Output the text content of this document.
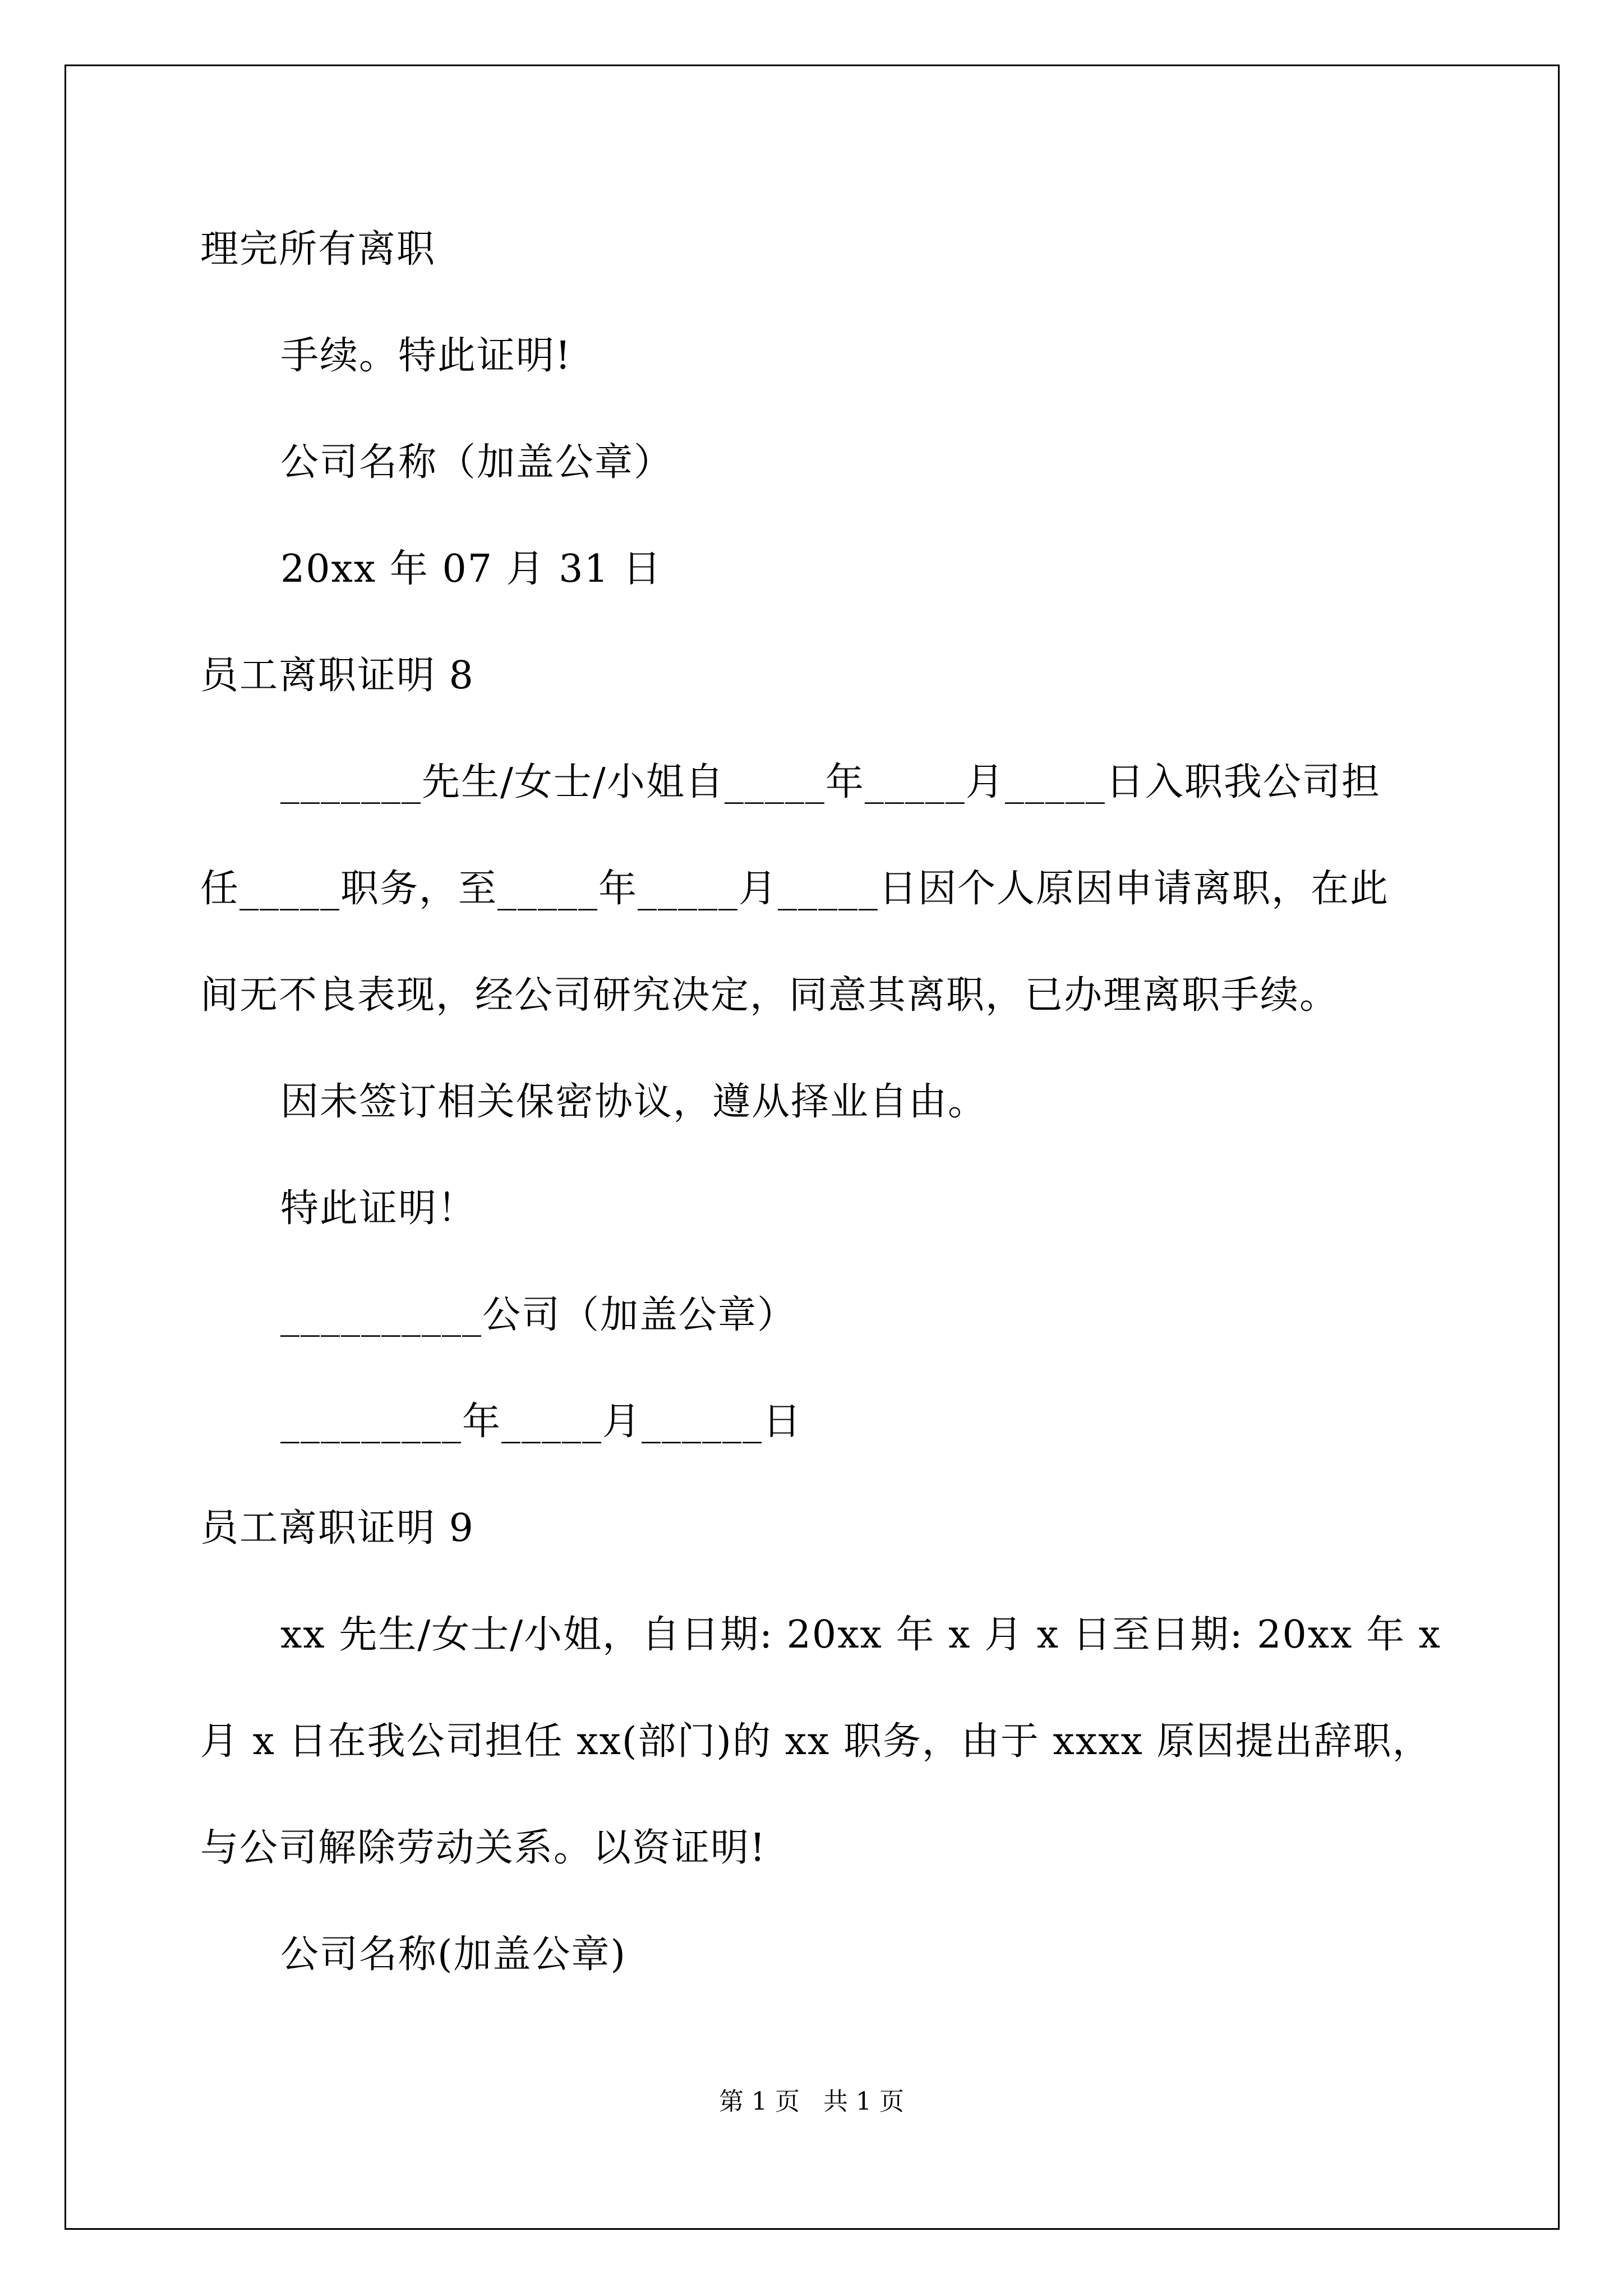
理完所有离职
手续。特此证明!
公司名称（加盖公章）
20xx 年 07 月 31 日
员工离职证明 8
_______先生/女士/小姐自_____年_____月_____日入职我公司担
任_____职务，至_____年_____月_____日因个人原因申请离职，在此
间无不良表现，经公司研究决定，同意其离职，已办理离职手续。
因未签订相关保密协议，遵从择业自由。
特此证明！
__________公司（加盖公章）
_________年_____月______日
员工离职证明 9
xx 先生/女士/小姐，自日期: 20xx 年 x 月 x 日至日期: 20xx 年 x
月 x 日在我公司担任 xx(部门)的 xx 职务，由于 xxxx 原因提出辞职，
与公司解除劳动关系。以资证明!
公司名称(加盖公章)
第 1 页   共 1 页
